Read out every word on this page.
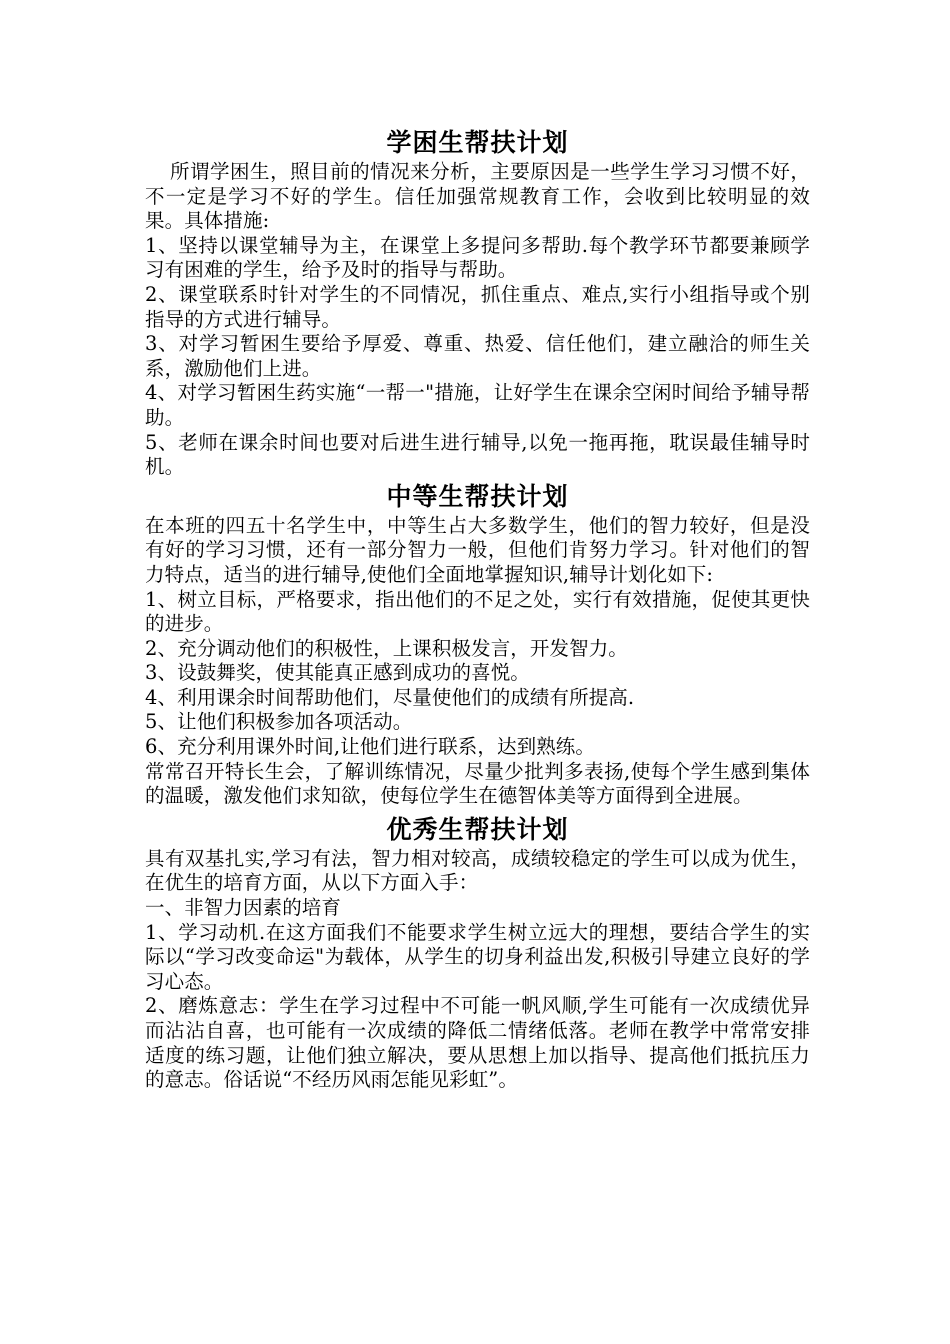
学困生帮扶计划

所谓学困生，照目前的情况来分析，主要原因是一些学生学习习惯不好，不一定是学习不好的学生。信任加强常规教育工作，会收到比较明显的效果。具体措施:

1、坚持以课堂辅导为主，在课堂上多提问多帮助.每个教学环节都要兼顾学习有困难的学生，给予及时的指导与帮助。

2、课堂联系时针对学生的不同情况，抓住重点、难点,实行小组指导或个别指导的方式进行辅导。

3、对学习暂困生要给予厚爱、尊重、热爱、信任他们，建立融洽的师生关系，激励他们上进。

4、对学习暂困生药实施“一帮一"措施，让好学生在课余空闲时间给予辅导帮助。

5、老师在课余时间也要对后进生进行辅导,以免一拖再拖，耽误最佳辅导时机。

中等生帮扶计划

在本班的四五十名学生中，中等生占大多数学生，他们的智力较好，但是没有好的学习习惯，还有一部分智力一般，但他们肯努力学习。针对他们的智力特点，适当的进行辅导,使他们全面地掌握知识,辅导计划化如下:

1、树立目标，严格要求，指出他们的不足之处，实行有效措施，促使其更快的进步。

2、充分调动他们的积极性，上课积极发言，开发智力。

3、设鼓舞奖，使其能真正感到成功的喜悦。

4、利用课余时间帮助他们，尽量使他们的成绩有所提高.

5、让他们积极参加各项活动。

6、充分利用课外时间,让他们进行联系，达到熟练。

常常召开特长生会，了解训练情况，尽量少批判多表扬,使每个学生感到集体的温暖，激发他们求知欲，使每位学生在德智体美等方面得到全进展。

优秀生帮扶计划

具有双基扎实,学习有法，智力相对较高，成绩较稳定的学生可以成为优生，在优生的培育方面，从以下方面入手：

一、非智力因素的培育

1、学习动机.在这方面我们不能要求学生树立远大的理想，要结合学生的实际以“学习改变命运"为载体，从学生的切身利益出发,积极引导建立良好的学习心态。

2、磨炼意志：学生在学习过程中不可能一帆风顺,学生可能有一次成绩优异而沾沾自喜，也可能有一次成绩的降低二情绪低落。老师在教学中常常安排适度的练习题，让他们独立解决，要从思想上加以指导、提高他们抵抗压力的意志。俗话说“不经历风雨怎能见彩虹”。
